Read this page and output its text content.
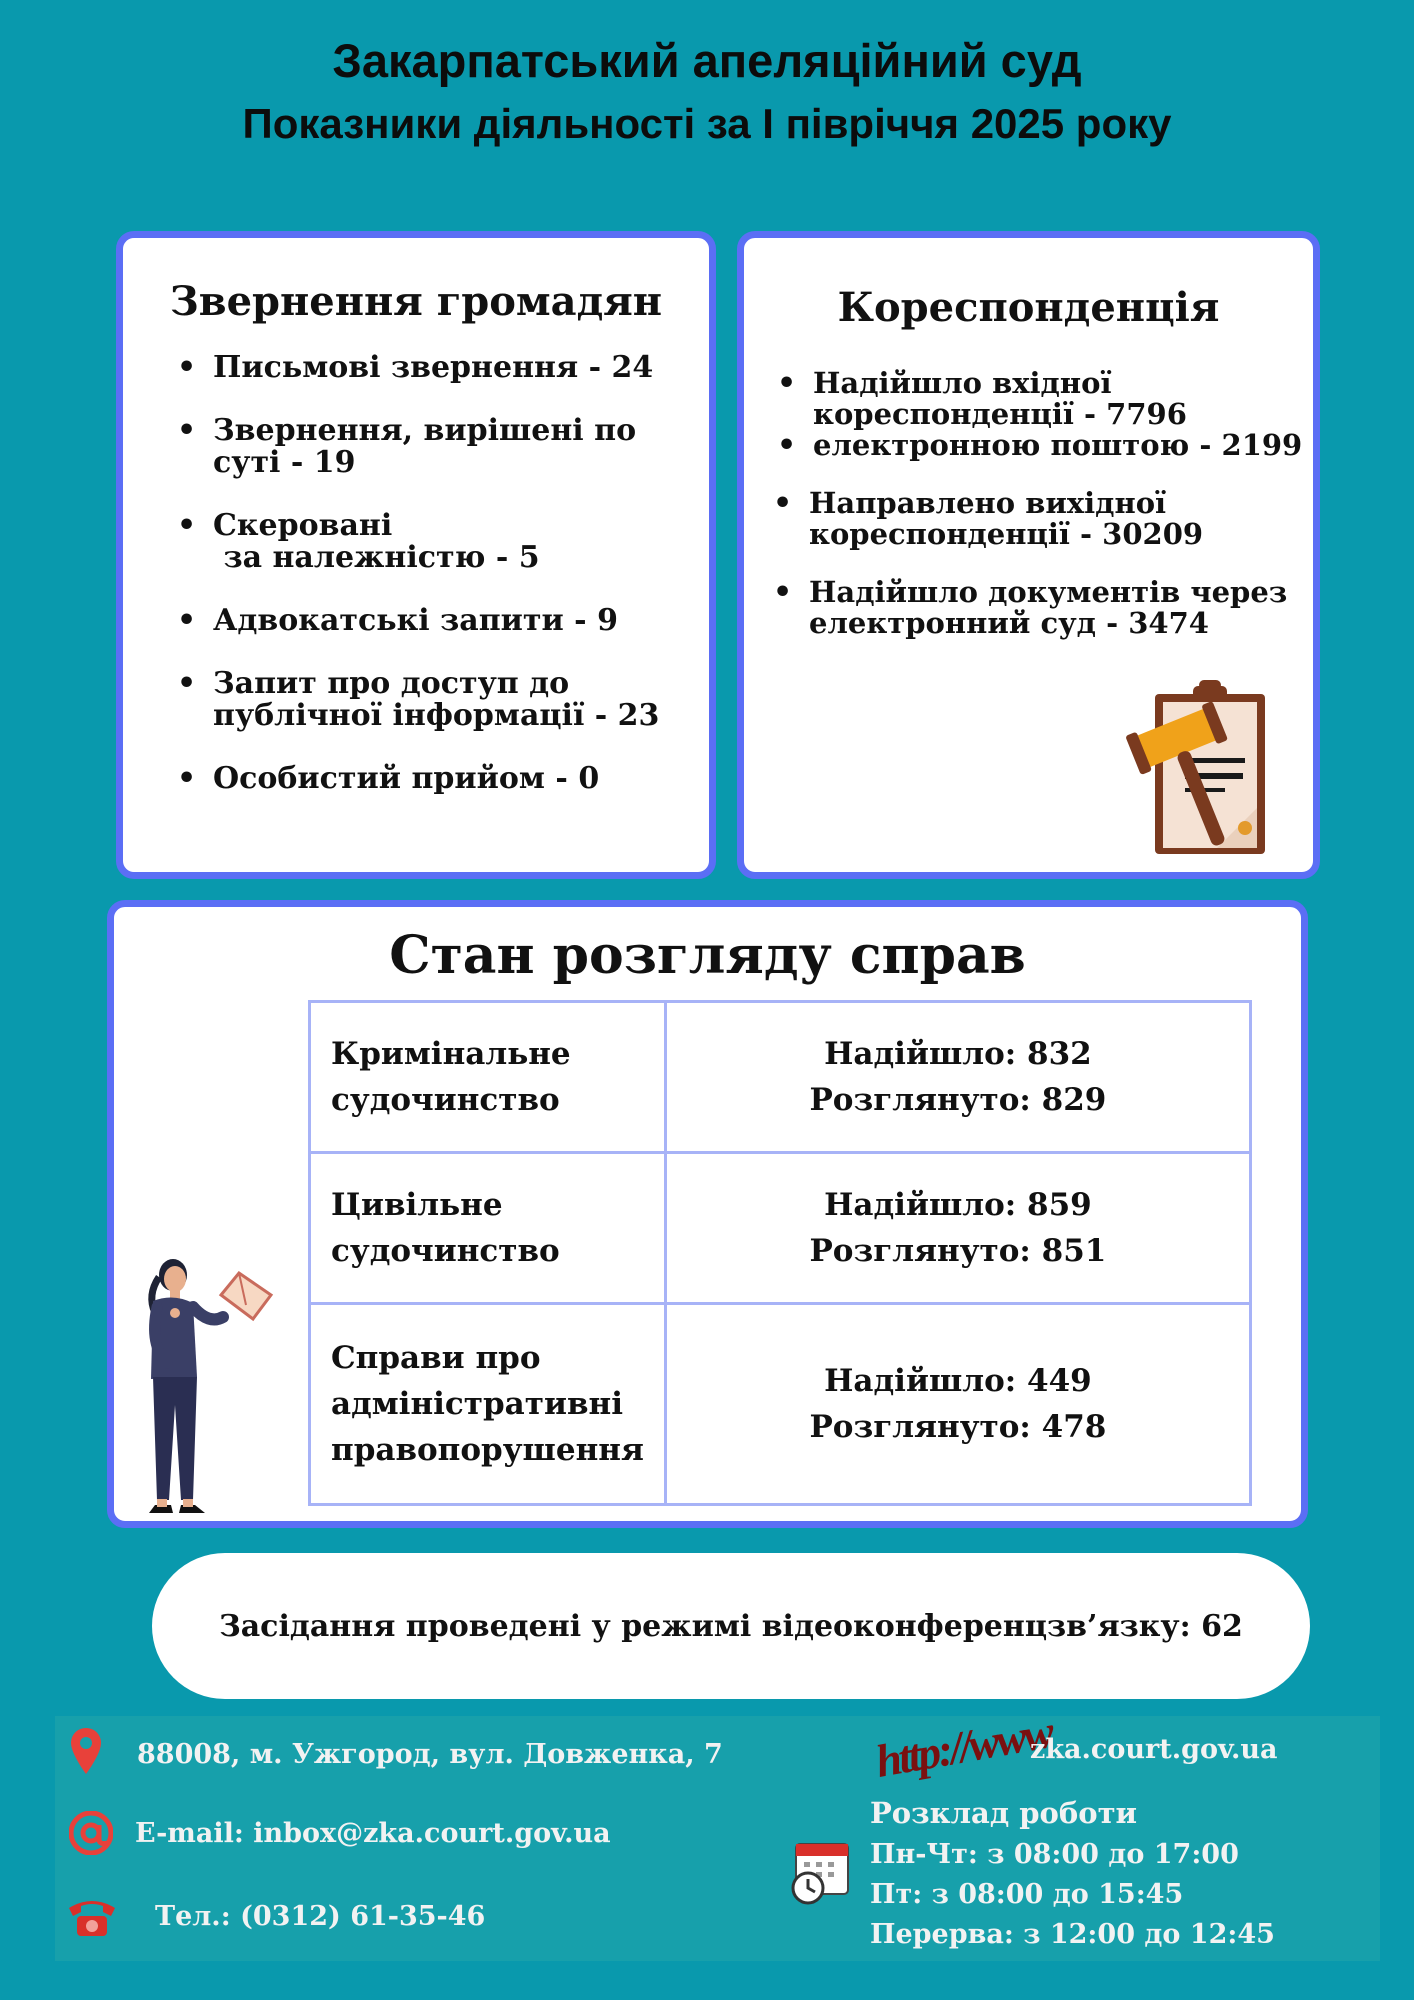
Закарпатський апеляційний суд
Показники діяльності за І півріччя 2025 року
Звернення громадян
• Письмові звернення - 24
• Звернення, вирішені по
суті - 19
• Скеровані
за належністю - 5
• Адвокатські запити - 9
• Запит про доступ до
публічної інформації - 23
• Особистий прийом - 0
Кореспонденція
• Надійшло вхідної
кореспонденції - 7796
• електронною поштою - 2199
• Направлено вихідної
кореспонденції - 30209
• Надійшло документів через
електронний суд - 3474
Стан розгляду справ
Кримінальне
судочинство	Надійшло: 832
Розглянуто: 829
Цивільне
судочинство	Надійшло: 859
Розглянуто: 851
Справи про
адміністративні
правопорушення	Надійшло: 449
Розглянуто: 478
Засідання проведені у режимі відеоконференцзв’язку: 62
88008, м. Ужгород, вул. Довженка, 7
E-mail: inbox@zka.court.gov.ua
Тел.: (0312) 61-35-46
http://www
zka.court.gov.ua
Розклад роботи
Пн-Чт: з 08:00 до 17:00
Пт: з 08:00 до 15:45
Перерва: з 12:00 до 12:45
